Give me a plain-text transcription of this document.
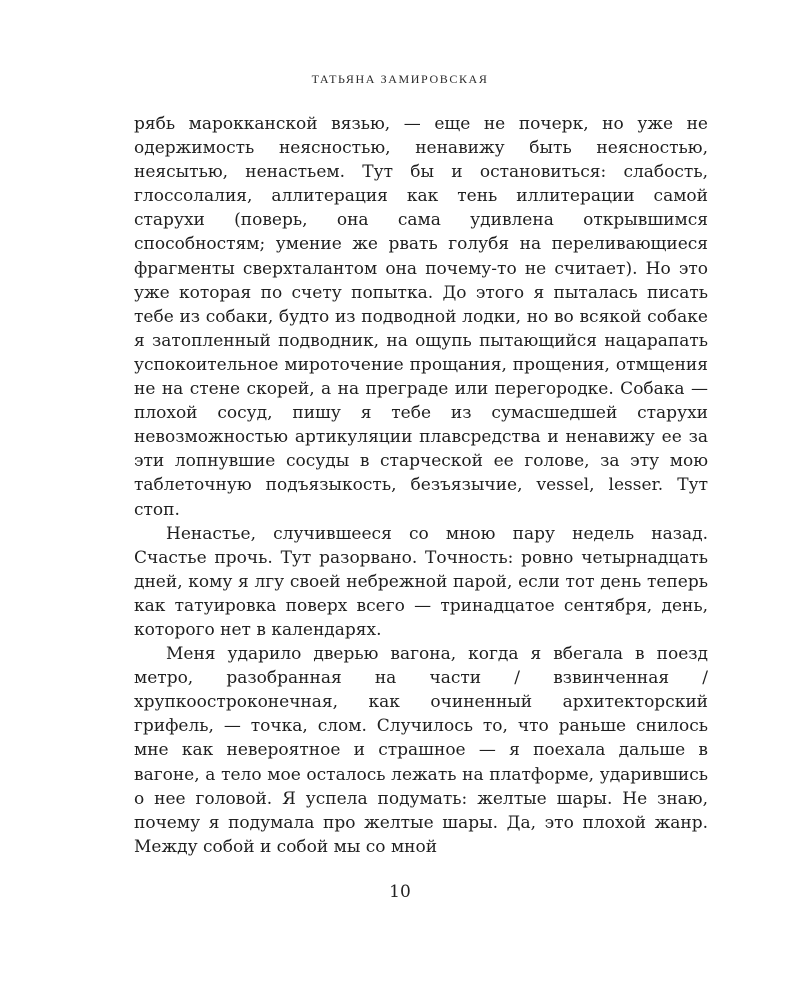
ТАТЬЯНА ЗАМИРОВСКАЯ

рябь марокканской вязью, — еще не почерк, но уже не одержимость неясностью, ненавижу быть неясностью, неясытью, ненастьем. Тут бы и остановиться: слабость, глоссолалия, аллитерация как тень иллитерации самой старухи (поверь, она сама удивлена открывшимся способностям; умение же рвать голубя на переливающиеся фрагменты сверхталантом она почему-то не считает). Но это уже которая по счету попытка. До этого я пыталась писать тебе из собаки, будто из подводной лодки, но во всякой собаке я затопленный подводник, на ощупь пытающийся нацарапать успокоительное мироточение прощания, прощения, отмщения не на стене скорей, а на преграде или перегородке. Собака — плохой сосуд, пишу я тебе из сумасшедшей старухи невозможностью артикуляции плавсредства и ненавижу ее за эти лопнувшие сосуды в старческой ее голове, за эту мою таблеточную подъязыкость, безъязычие, vessel, lesser. Тут стоп.

Ненастье, случившееся со мною пару недель назад. Счастье прочь. Тут разорвано. Точность: ровно четырнадцать дней, кому я лгу своей небрежной парой, если тот день теперь как татуировка поверх всего — тринадцатое сентября, день, которого нет в календарях.

Меня ударило дверью вагона, когда я вбегала в поезд метро, разобранная на части / взвинченная / хрупкоостроконечная, как очиненный архитекторский грифель, — точка, слом. Случилось то, что раньше снилось мне как невероятное и страшное — я поехала дальше в вагоне, а тело мое осталось лежать на платформе, ударившись о нее головой. Я успела подумать: желтые шары. Не знаю, почему я подумала про желтые шары. Да, это плохой жанр. Между собой и собой мы со мной

10
